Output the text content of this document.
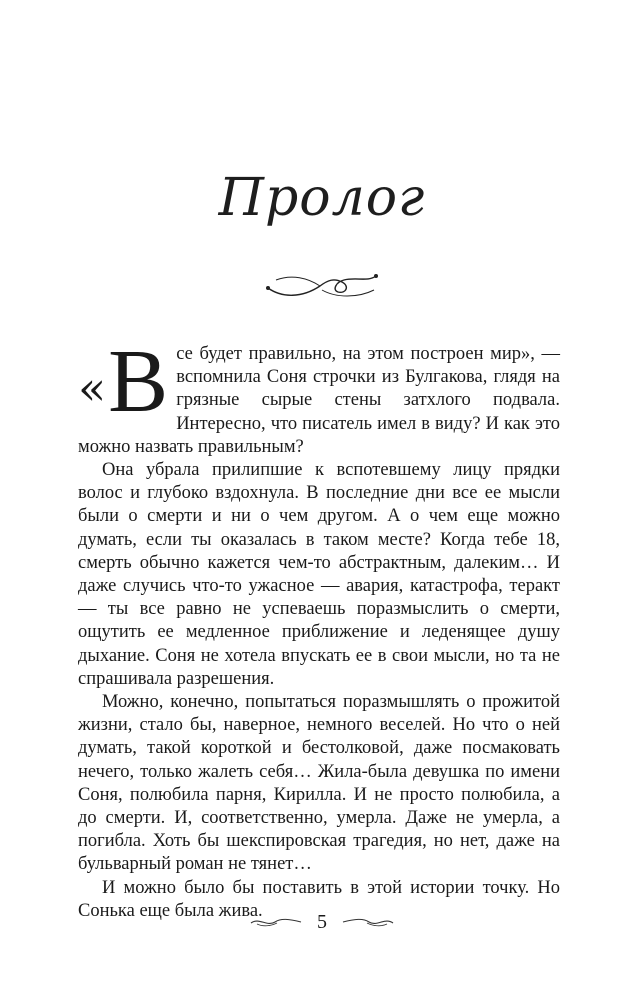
Пролог

« В се будет правильно, на этом построен мир», — вспомнила Соня строчки из Булгакова, глядя на грязные сырые стены затхлого подвала. Интересно, что писатель имел в виду? И как это можно назвать правильным?

Она убрала прилипшие к вспотевшему лицу прядки волос и глубоко вздохнула. В последние дни все ее мысли были о смерти и ни о чем другом. А о чем еще можно думать, если ты оказалась в таком месте? Когда тебе 18, смерть обычно кажется чем-то абстрактным, далеким… И даже случись что-то ужасное — авария, катастрофа, теракт — ты все равно не успеваешь поразмыслить о смерти, ощутить ее медленное приближение и леденящее душу дыхание. Соня не хотела впускать ее в свои мысли, но та не спрашивала разрешения.

Можно, конечно, попытаться поразмышлять о прожитой жизни, стало бы, наверное, немного веселей. Но что о ней думать, такой короткой и бестолковой, даже посмаковать нечего, только жалеть себя… Жила-была девушка по имени Соня, полюбила парня, Кирилла. И не просто полюбила, а до смерти. И, соответственно, умерла. Даже не умерла, а погибла. Хоть бы шекспировская трагедия, но нет, даже на бульварный роман не тянет…

И можно было бы поставить в этой истории точку. Но Сонька еще была жива.

5
